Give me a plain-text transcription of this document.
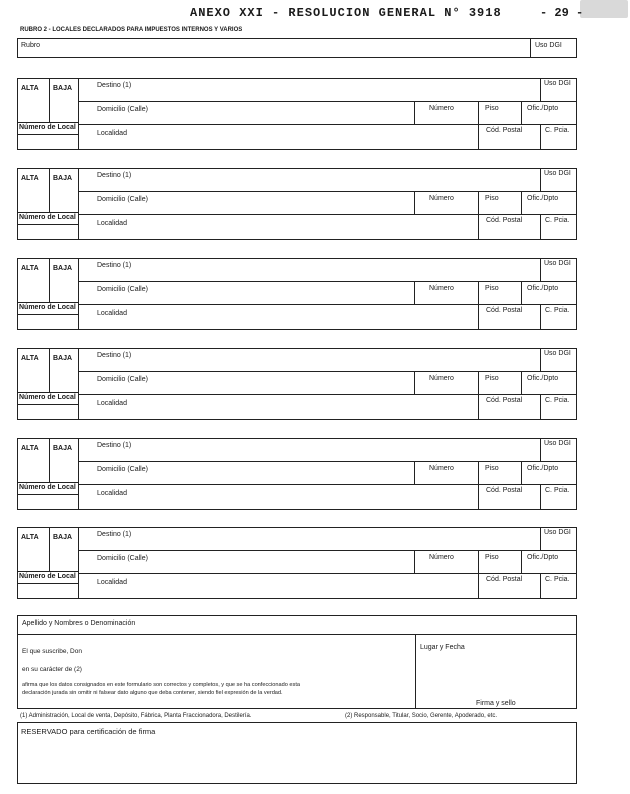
ANEXO XXI - RESOLUCION GENERAL N° 3918	- 29 -
RUBRO 2 - LOCALES DECLARADOS PARA IMPUESTOS INTERNOS Y VARIOS
Rubro	Uso DGI
ALTA BAJA
Número de Local
Destino (1)	Uso DGI
Domicilio (Calle)	Número	Piso	Ofic./Dpto
Localidad	Cód. Postal	C. Pcia.
ALTA BAJA
Número de Local
Destino (1)	Uso DGI
Domicilio (Calle)	Número	Piso	Ofic./Dpto
Localidad	Cód. Postal	C. Pcia.
ALTA BAJA
Número de Local
Destino (1)	Uso DGI
Domicilio (Calle)	Número	Piso	Ofic./Dpto
Localidad	Cód. Postal	C. Pcia.
ALTA BAJA
Número de Local
Destino (1)	Uso DGI
Domicilio (Calle)	Número	Piso	Ofic./Dpto
Localidad	Cód. Postal	C. Pcia.
ALTA BAJA
Número de Local
Destino (1)	Uso DGI
Domicilio (Calle)	Número	Piso	Ofic./Dpto
Localidad	Cód. Postal	C. Pcia.
ALTA BAJA
Número de Local
Destino (1)	Uso DGI
Domicilio (Calle)	Número	Piso	Ofic./Dpto
Localidad	Cód. Postal	C. Pcia.
Apellido y Nombres o Denominación
El que suscribe, Don
en su carácter de (2)
afirma que los datos consignados en este formulario son correctos y completos, y que se ha confeccionado esta
declaración jurada sin omitir ni falsear dato alguno que deba contener, siendo fiel expresión de la verdad.
Lugar y Fecha
Firma y sello
(1) Administración, Local de venta, Depósito, Fábrica, Planta Fraccionadora, Destilería.	(2) Responsable, Titular, Socio, Gerente, Apoderado, etc.
RESERVADO para certificación de firma
